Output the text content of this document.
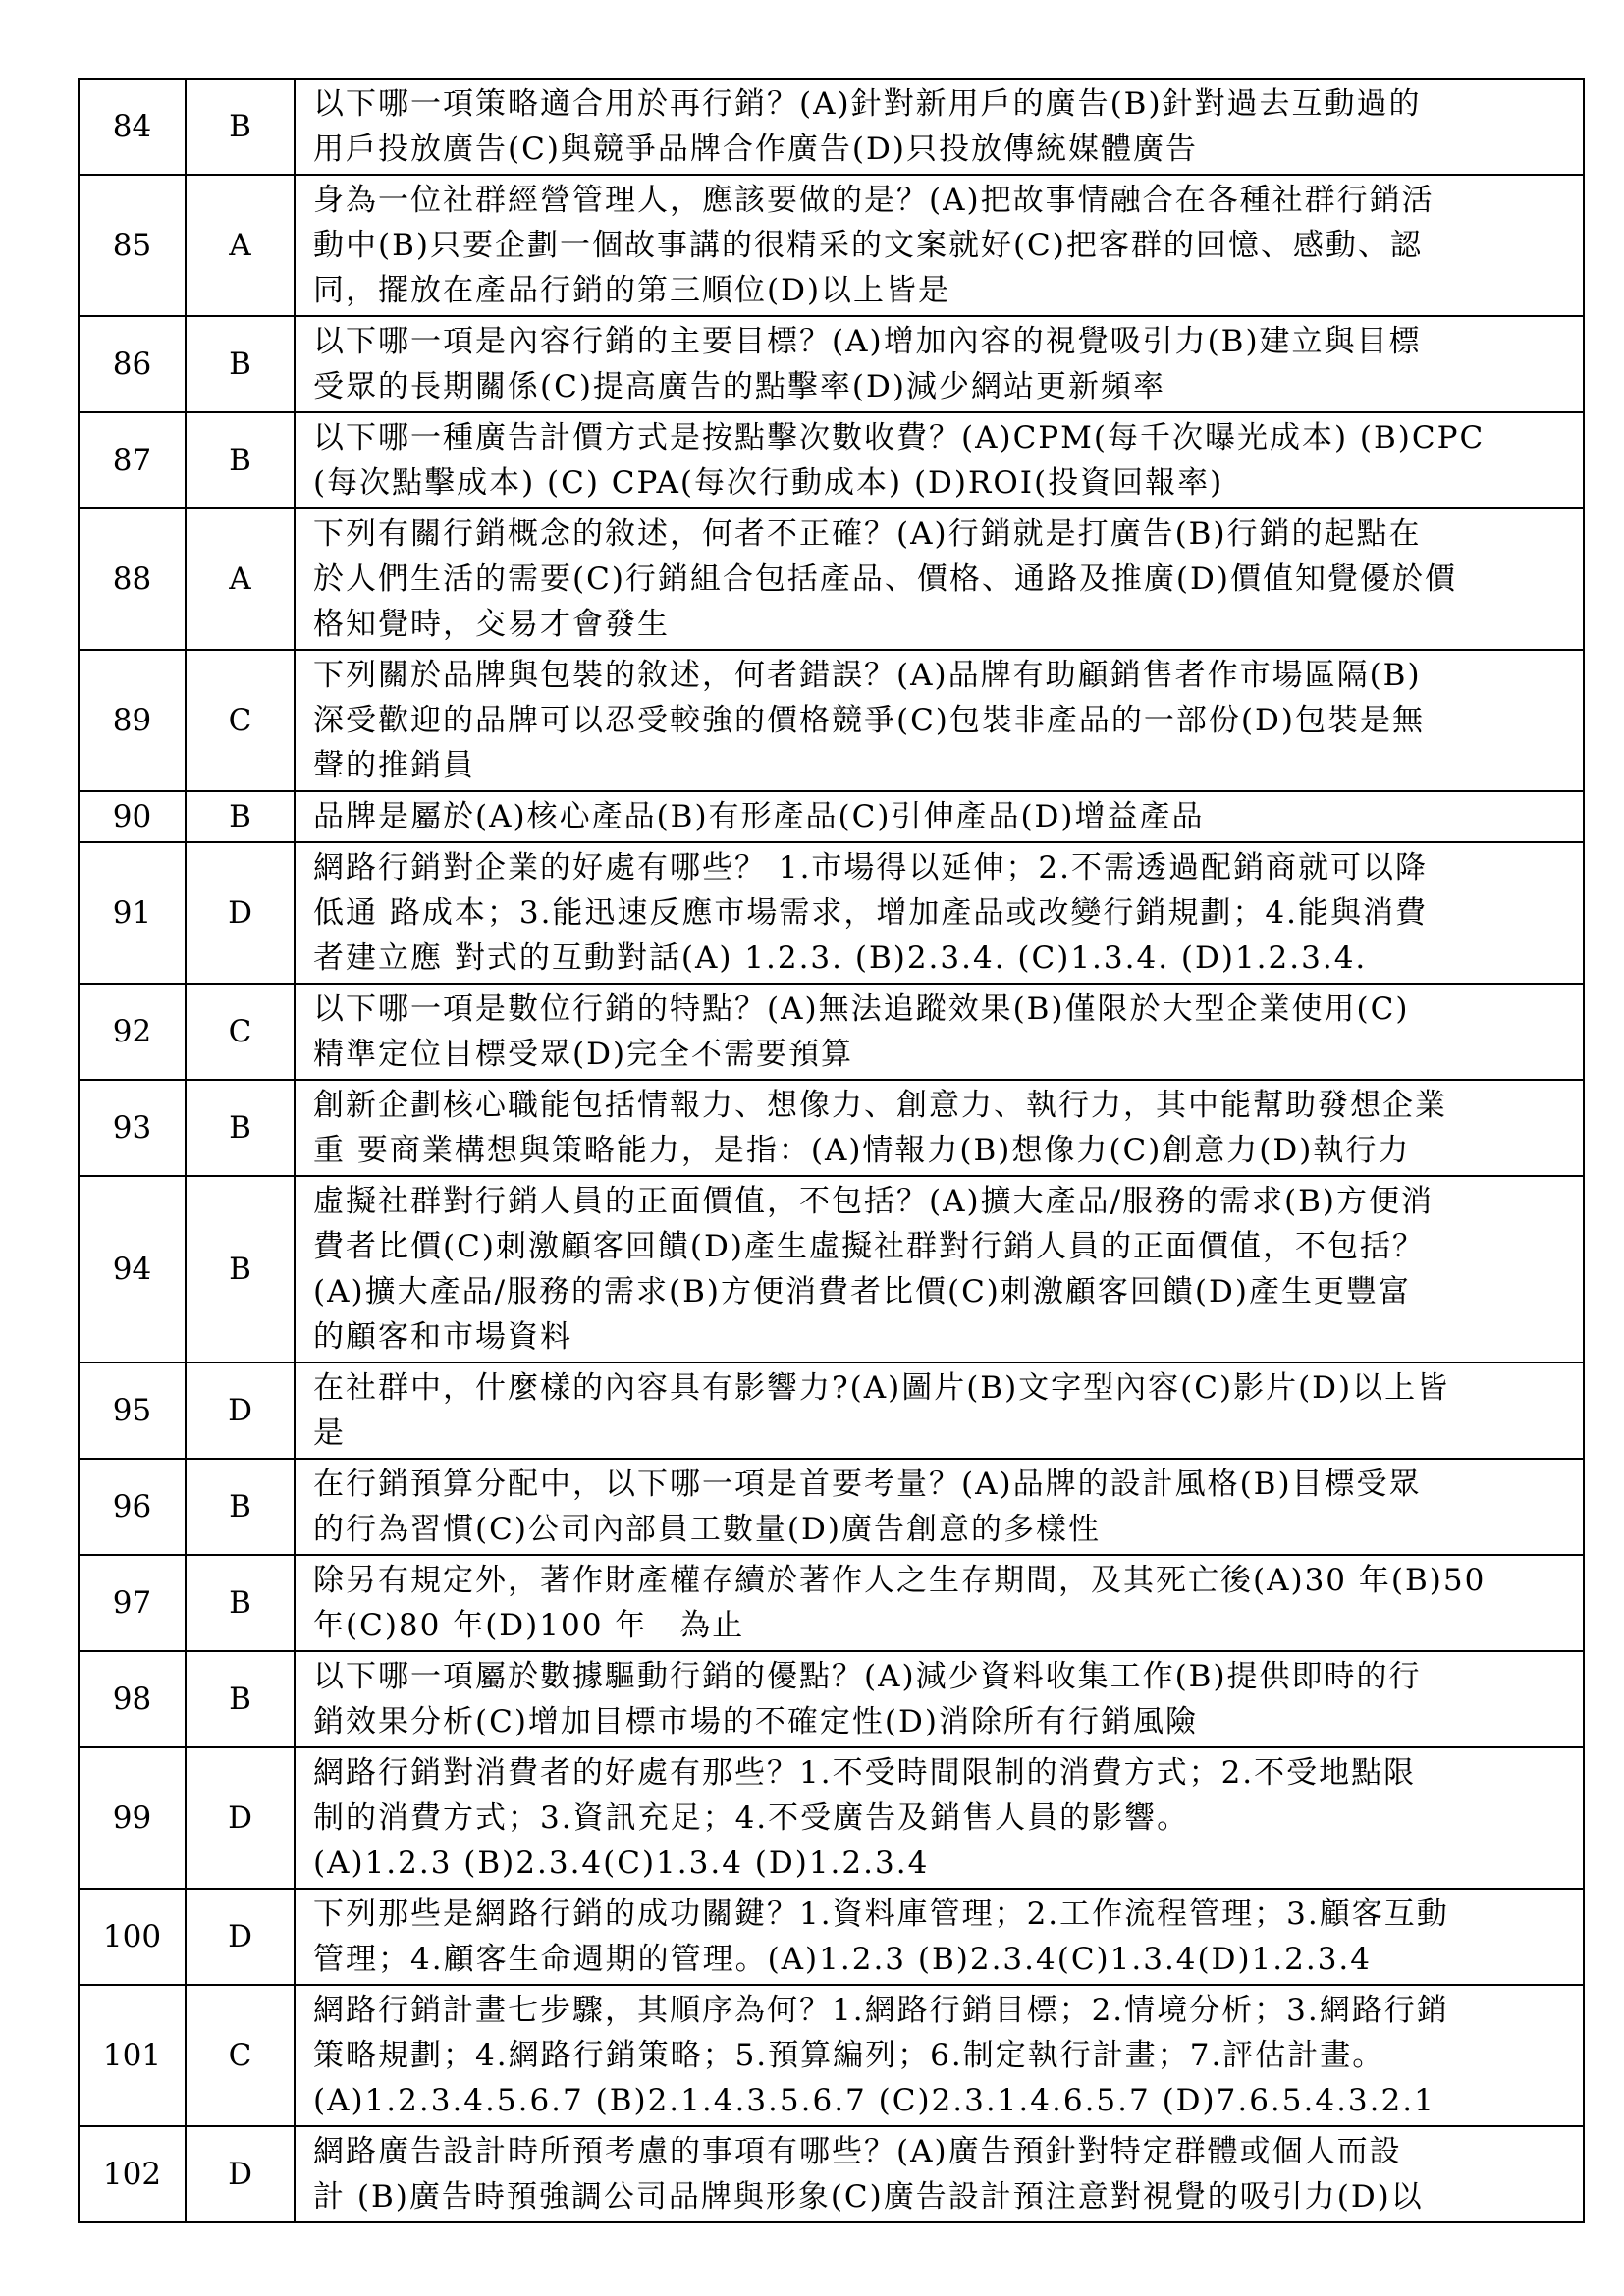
84	B	以下哪一項策略適合用於再行銷？(A)針對新用戶的廣告(B)針對過去互動過的
用戶投放廣告(C)與競爭品牌合作廣告(D)只投放傳統媒體廣告

85	A	身為一位社群經營管理人，應該要做的是？(A)把故事情融合在各種社群行銷活
動中(B)只要企劃一個故事講的很精采的文案就好(C)把客群的回憶、感動、認
同，擺放在產品行銷的第三順位(D)以上皆是

86	B	以下哪一項是內容行銷的主要目標？(A)增加內容的視覺吸引力(B)建立與目標
受眾的長期關係(C)提高廣告的點擊率(D)減少網站更新頻率

87	B	以下哪一種廣告計價方式是按點擊次數收費？(A)CPM(每千次曝光成本) (B)CPC
(每次點擊成本) (C) CPA(每次行動成本) (D)ROI(投資回報率)

88	A	下列有關行銷概念的敘述，何者不正確？(A)行銷就是打廣告(B)行銷的起點在
於人們生活的需要(C)行銷組合包括產品、價格、通路及推廣(D)價值知覺優於價
格知覺時，交易才會發生

89	C	下列關於品牌與包裝的敘述，何者錯誤？(A)品牌有助顧銷售者作市場區隔(B)
深受歡迎的品牌可以忍受較強的價格競爭(C)包裝非產品的一部份(D)包裝是無
聲的推銷員

90	B	品牌是屬於(A)核心產品(B)有形產品(C)引伸產品(D)增益產品

91	D	網路行銷對企業的好處有哪些？ 1.市場得以延伸；2.不需透過配銷商就可以降
低通 路成本；3.能迅速反應市場需求，增加產品或改變行銷規劃；4.能與消費
者建立應 對式的互動對話(A) 1.2.3. (B)2.3.4. (C)1.3.4. (D)1.2.3.4.

92	C	以下哪一項是數位行銷的特點？(A)無法追蹤效果(B)僅限於大型企業使用(C)
精準定位目標受眾(D)完全不需要預算

93	B	創新企劃核心職能包括情報力、想像力、創意力、執行力，其中能幫助發想企業
重 要商業構想與策略能力，是指：(A)情報力(B)想像力(C)創意力(D)執行力

94	B	虛擬社群對行銷人員的正面價值，不包括？(A)擴大產品/服務的需求(B)方便消
費者比價(C)刺激顧客回饋(D)產生虛擬社群對行銷人員的正面價值，不包括？
(A)擴大產品/服務的需求(B)方便消費者比價(C)刺激顧客回饋(D)產生更豐富
的顧客和市場資料

95	D	在社群中，什麼樣的內容具有影響力?(A)圖片(B)文字型內容(C)影片(D)以上皆
是

96	B	在行銷預算分配中，以下哪一項是首要考量？(A)品牌的設計風格(B)目標受眾
的行為習慣(C)公司內部員工數量(D)廣告創意的多樣性

97	B	除另有規定外，著作財產權存續於著作人之生存期間，及其死亡後(A)30 年(B)50
年(C)80 年(D)100 年　為止

98	B	以下哪一項屬於數據驅動行銷的優點？(A)減少資料收集工作(B)提供即時的行
銷效果分析(C)增加目標市場的不確定性(D)消除所有行銷風險

99	D	網路行銷對消費者的好處有那些？1.不受時間限制的消費方式；2.不受地點限
制的消費方式；3.資訊充足；4.不受廣告及銷售人員的影響。
(A)1.2.3 (B)2.3.4(C)1.3.4 (D)1.2.3.4

100	D	下列那些是網路行銷的成功關鍵？1.資料庫管理；2.工作流程管理；3.顧客互動
管理；4.顧客生命週期的管理。(A)1.2.3 (B)2.3.4(C)1.3.4(D)1.2.3.4

101	C	網路行銷計畫七步驟，其順序為何？1.網路行銷目標；2.情境分析；3.網路行銷
策略規劃；4.網路行銷策略；5.預算編列；6.制定執行計畫；7.評估計畫。
(A)1.2.3.4.5.6.7 (B)2.1.4.3.5.6.7 (C)2.3.1.4.6.5.7 (D)7.6.5.4.3.2.1

102	D	網路廣告設計時所預考慮的事項有哪些？(A)廣告預針對特定群體或個人而設
計 (B)廣告時預強調公司品牌與形象(C)廣告設計預注意對視覺的吸引力(D)以
